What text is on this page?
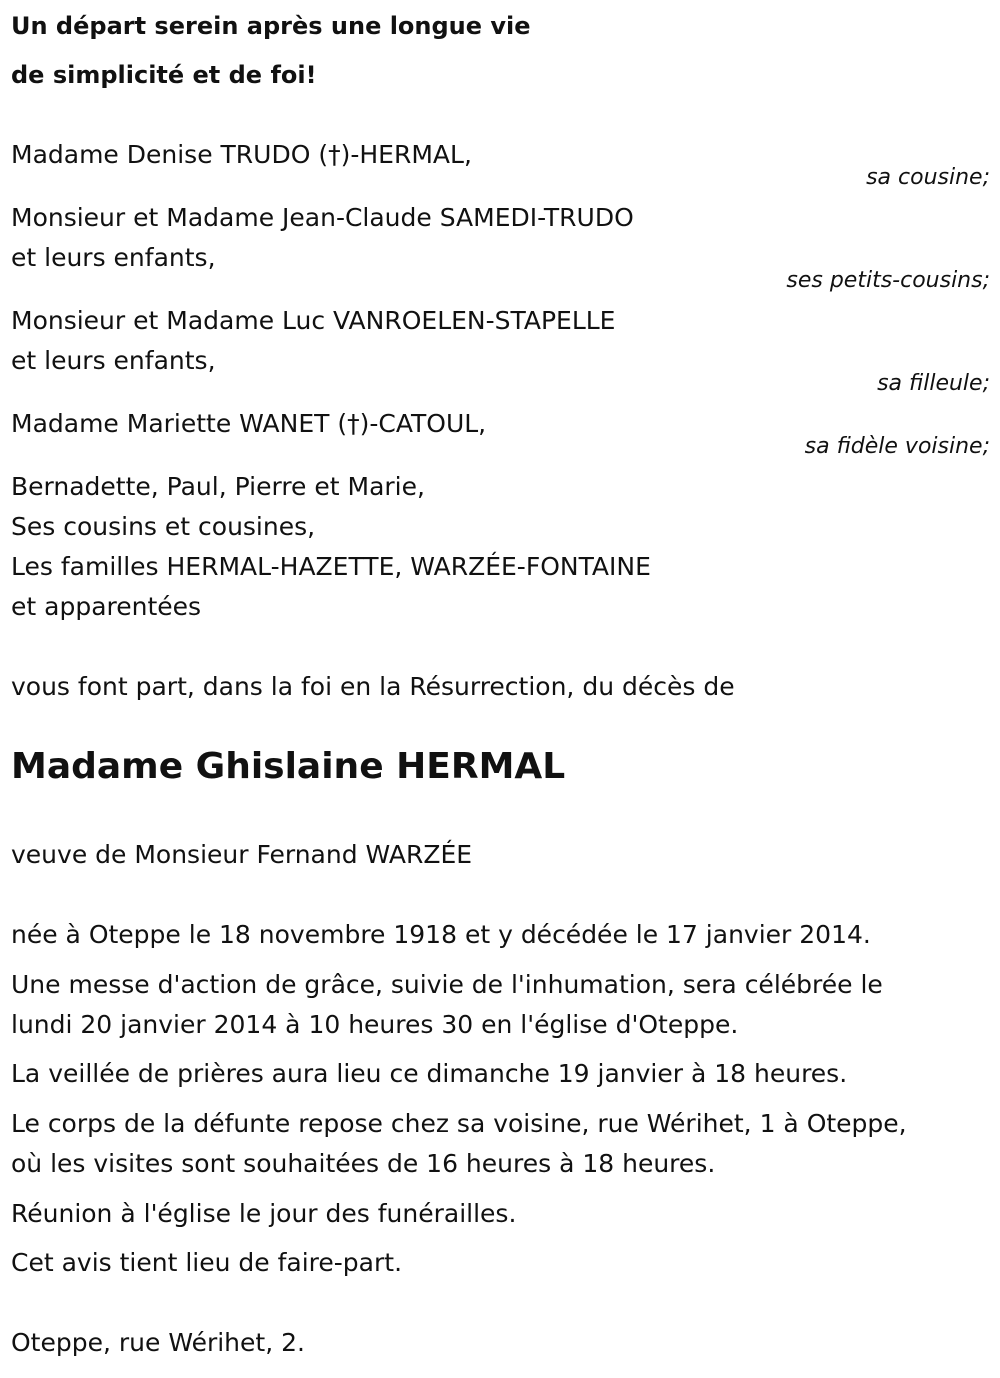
Un départ serein après une longue vie
de simplicité et de foi!
Madame Denise TRUDO (†)-HERMAL,
sa cousine;
Monsieur et Madame Jean-Claude SAMEDI-TRUDO
et leurs enfants,
ses petits-cousins;
Monsieur et Madame Luc VANROELEN-STAPELLE
et leurs enfants,
sa filleule;
Madame Mariette WANET (†)-CATOUL,
sa fidèle voisine;
Bernadette, Paul, Pierre et Marie,
Ses cousins et cousines,
Les familles HERMAL-HAZETTE, WARZÉE-FONTAINE
et apparentées
vous font part, dans la foi en la Résurrection, du décès de
Madame Ghislaine HERMAL
veuve de Monsieur Fernand WARZÉE
née à Oteppe le 18 novembre 1918 et y décédée le 17 janvier 2014.
Une messe d'action de grâce, suivie de l'inhumation, sera célébrée le
lundi 20 janvier 2014 à 10 heures 30 en l'église d'Oteppe.
La veillée de prières aura lieu ce dimanche 19 janvier à 18 heures.
Le corps de la défunte repose chez sa voisine, rue Wérihet, 1 à Oteppe,
où les visites sont souhaitées de 16 heures à 18 heures.
Réunion à l'église le jour des funérailles.
Cet avis tient lieu de faire-part.
Oteppe, rue Wérihet, 2.
